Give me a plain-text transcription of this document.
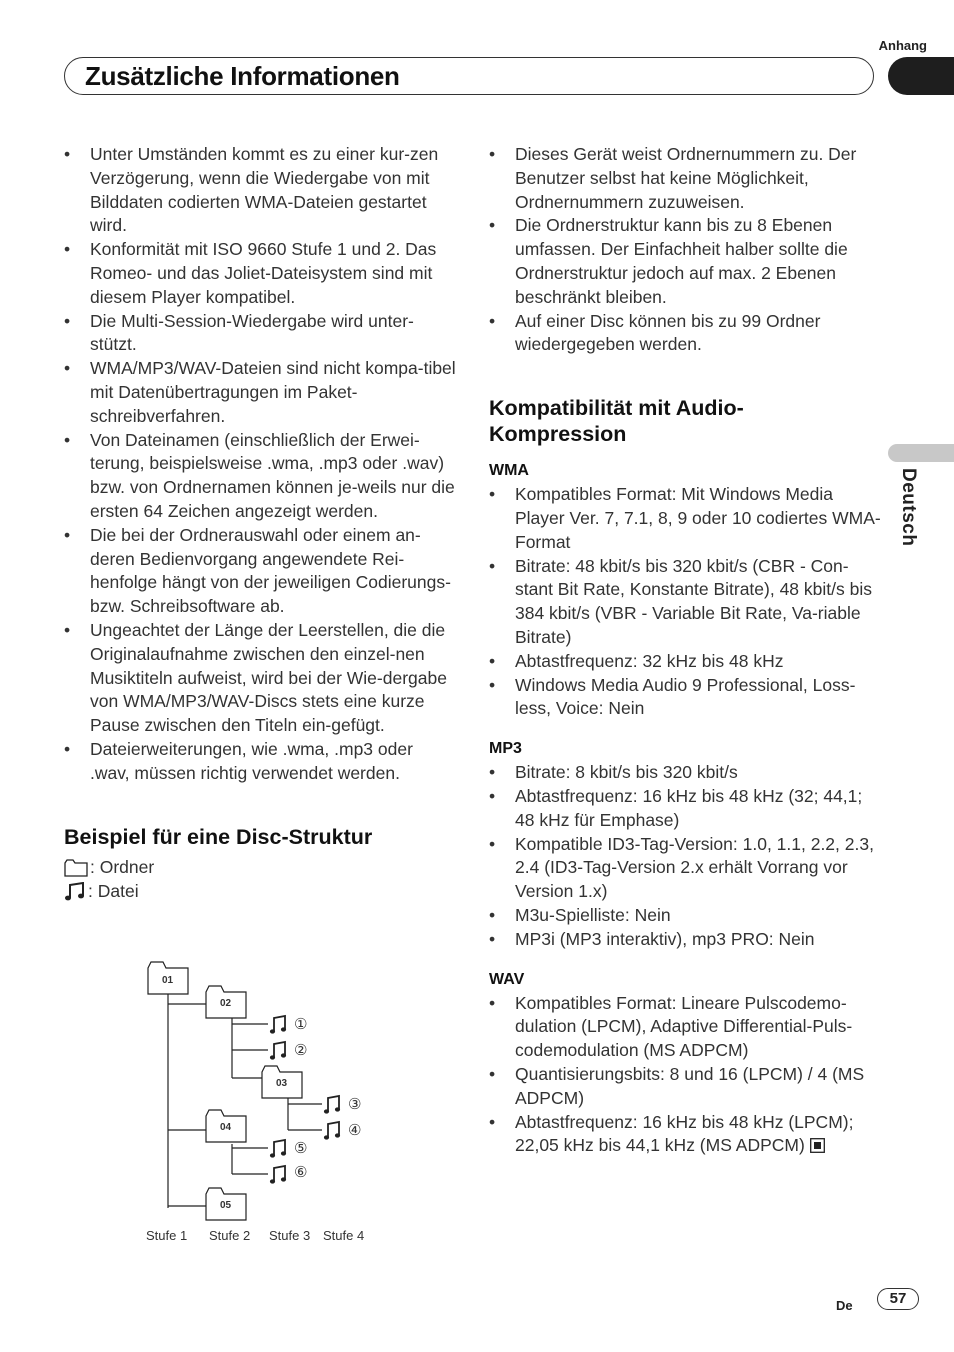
Anhang
Zusätzliche Informationen
Deutsch
• Unter Umständen kommt es zu einer kur-zen Verzögerung, wenn die Wiedergabe von mit Bilddaten codierten WMA-Dateien gestartet wird.
• Konformität mit ISO 9660 Stufe 1 und 2. Das Romeo- und das Joliet-Dateisystem sind mit diesem Player kompatibel.
• Die Multi-Session-Wiedergabe wird unter-stützt.
• WMA/MP3/WAV-Dateien sind nicht kompa-tibel mit Datenübertragungen im Paket-schreibverfahren.
• Von Dateinamen (einschließlich der Erwei-terung, beispielsweise .wma, .mp3 oder .wav) bzw. von Ordnernamen können je-weils nur die ersten 64 Zeichen angezeigt werden.
• Die bei der Ordnerauswahl oder einem an-deren Bedienvorgang angewendete Rei-henfolge hängt von der jeweiligen Codierungs- bzw. Schreibsoftware ab.
• Ungeachtet der Länge der Leerstellen, die die Originalaufnahme zwischen den einzel-nen Musiktiteln aufweist, wird bei der Wie-dergabe von WMA/MP3/WAV-Discs stets eine kurze Pause zwischen den Titeln ein-gefügt.
• Dateierweiterungen, wie .wma, .mp3 oder .wav, müssen richtig verwendet werden.
Beispiel für eine Disc-Struktur
: Ordner
: Datei
01
02
03
04
05
①
②
③
④
⑤
⑥
Stufe 1 Stufe 2 Stufe 3 Stufe 4
• Dieses Gerät weist Ordnernummern zu. Der Benutzer selbst hat keine Möglichkeit, Ordnernummern zuzuweisen.
• Die Ordnerstruktur kann bis zu 8 Ebenen umfassen. Der Einfachheit halber sollte die Ordnerstruktur jedoch auf max. 2 Ebenen beschränkt bleiben.
• Auf einer Disc können bis zu 99 Ordner wiedergegeben werden.
Kompatibilität mit Audio-Kompression
WMA
• Kompatibles Format: Mit Windows Media Player Ver. 7, 7.1, 8, 9 oder 10 codiertes WMA-Format
• Bitrate: 48 kbit/s bis 320 kbit/s (CBR - Con-stant Bit Rate, Konstante Bitrate), 48 kbit/s bis 384 kbit/s (VBR - Variable Bit Rate, Va-riable Bitrate)
• Abtastfrequenz: 32 kHz bis 48 kHz
• Windows Media Audio 9 Professional, Loss-less, Voice: Nein
MP3
• Bitrate: 8 kbit/s bis 320 kbit/s
• Abtastfrequenz: 16 kHz bis 48 kHz (32; 44,1; 48 kHz für Emphase)
• Kompatible ID3-Tag-Version: 1.0, 1.1, 2.2, 2.3, 2.4 (ID3-Tag-Version 2.x erhält Vorrang vor Version 1.x)
• M3u-Spielliste: Nein
• MP3i (MP3 interaktiv), mp3 PRO: Nein
WAV
• Kompatibles Format: Lineare Pulscodemo-dulation (LPCM), Adaptive Differential-Puls-codemodulation (MS ADPCM)
• Quantisierungsbits: 8 und 16 (LPCM) / 4 (MS ADPCM)
• Abtastfrequenz: 16 kHz bis 48 kHz (LPCM); 22,05 kHz bis 44,1 kHz (MS ADPCM)
De	57
